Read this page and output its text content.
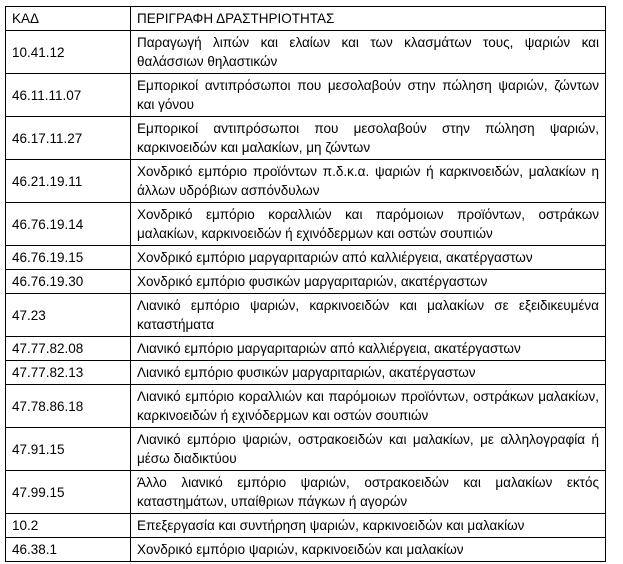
ΚΑΔ	ΠΕΡΙΓΡΑΦΗ ΔΡΑΣΤΗΡΙΟΤΗΤΑΣ
10.41.12	Παραγωγή λιπών και ελαίων και των κλασμάτων τους, ψαριών και θαλάσσιων θηλαστικών
46.11.11.07	Εμπορικοί αντιπρόσωποι που μεσολαβούν στην πώληση ψαριών, ζώντων και γόνου
46.17.11.27	Εμπορικοί αντιπρόσωποι που μεσολαβούν στην πώληση ψαριών, καρκινοειδών και μαλακίων, μη ζώντων
46.21.19.11	Χονδρικό εμπόριο προϊόντων π.δ.κ.α. ψαριών ή καρκινοειδών, μαλακίων η άλλων υδρόβιων ασπόνδυλων
46.76.19.14	Χονδρικό εμπόριο κοραλλιών και παρόμοιων προϊόντων, οστράκων μαλακίων, καρκινοειδών ή εχινόδερμων και οστών σουπιών
46.76.19.15	Χονδρικό εμπόριο μαργαριταριών από καλλιέργεια, ακατέργαστων
46.76.19.30	Χονδρικό εμπόριο φυσικών μαργαριταριών, ακατέργαστων
47.23	Λιανικό εμπόριο ψαριών, καρκινοειδών και μαλακίων σε εξειδικευμένα καταστήματα
47.77.82.08	Λιανικό εμπόριο μαργαριταριών από καλλιέργεια, ακατέργαστων
47.77.82.13	Λιανικό εμπόριο φυσικών μαργαριταριών, ακατέργαστων
47.78.86.18	Λιανικό εμπόριο κοραλλιών και παρόμοιων προϊόντων, οστράκων μαλακίων, καρκινοειδών ή εχινόδερμων και οστών σουπιών
47.91.15	Λιανικό εμπόριο ψαριών, οστρακοειδών και μαλακίων, με αλληλογραφία ή μέσω διαδικτύου
47.99.15	Άλλο λιανικό εμπόριο ψαριών, οστρακοειδών και μαλακίων εκτός καταστημάτων, υπαίθριων πάγκων ή αγορών
10.2	Επεξεργασία και συντήρηση ψαριών, καρκινοειδών και μαλακίων
46.38.1	Χονδρικό εμπόριο ψαριών, καρκινοειδών και μαλακίων
